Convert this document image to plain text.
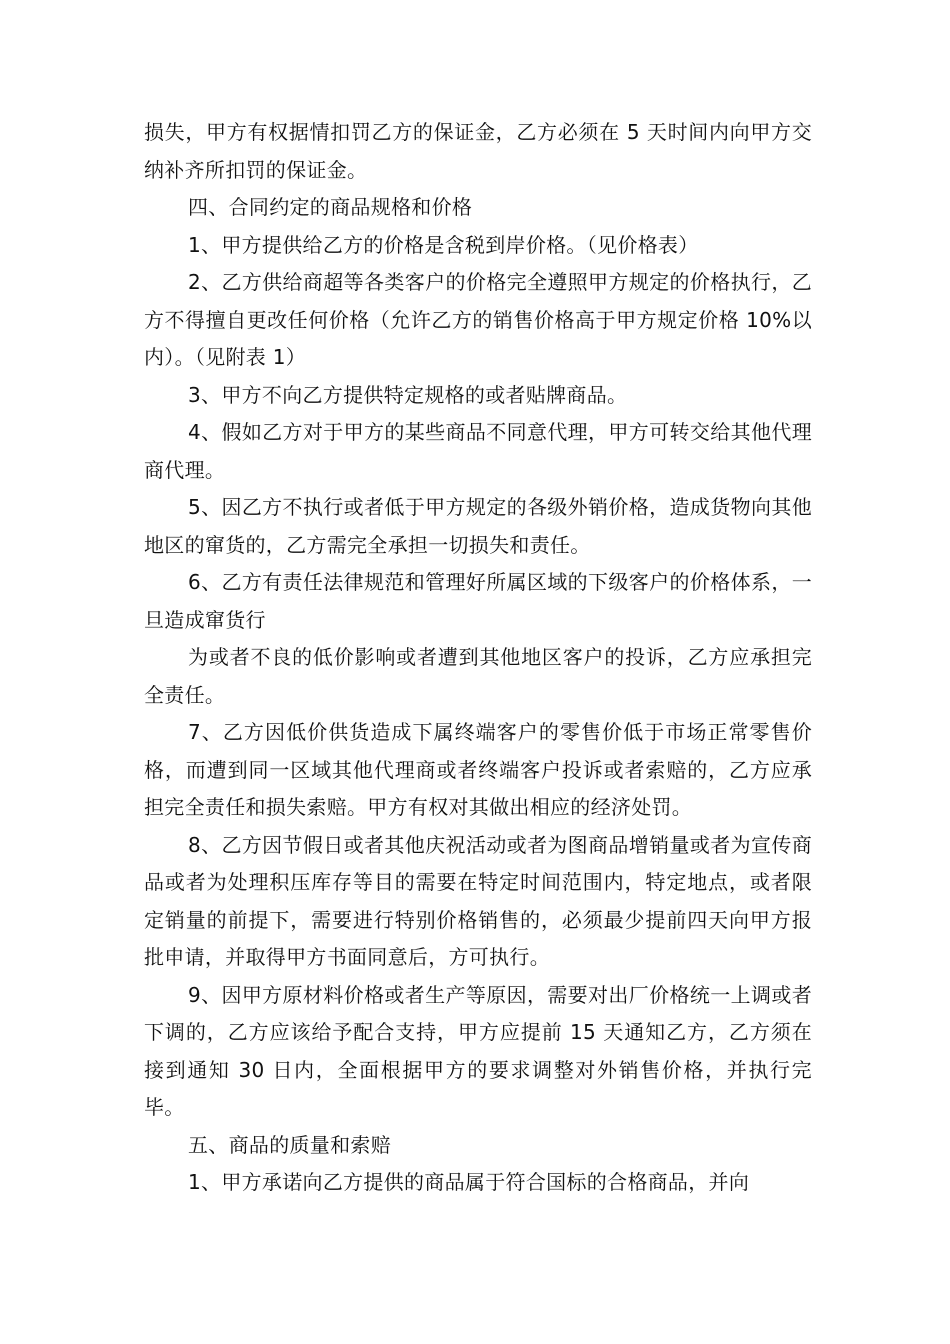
损失，甲方有权据情扣罚乙方的保证金，乙方必须在 5 天时间内向甲方交纳补齐所扣罚的保证金。

四、合同约定的商品规格和价格

1、甲方提供给乙方的价格是含税到岸价格。（见价格表）

2、乙方供给商超等各类客户的价格完全遵照甲方规定的价格执行，乙方不得擅自更改任何价格（允许乙方的销售价格高于甲方规定价格 10%以内）。（见附表 1）

3、甲方不向乙方提供特定规格的或者贴牌商品。

4、假如乙方对于甲方的某些商品不同意代理，甲方可转交给其他代理商代理。

5、因乙方不执行或者低于甲方规定的各级外销价格，造成货物向其他地区的窜货的，乙方需完全承担一切损失和责任。

6、乙方有责任法律规范和管理好所属区域的下级客户的价格体系，一旦造成窜货行

为或者不良的低价影响或者遭到其他地区客户的投诉，乙方应承担完全责任。

7、乙方因低价供货造成下属终端客户的零售价低于市场正常零售价格，而遭到同一区域其他代理商或者终端客户投诉或者索赔的，乙方应承担完全责任和损失索赔。甲方有权对其做出相应的经济处罚。

8、乙方因节假日或者其他庆祝活动或者为图商品增销量或者为宣传商品或者为处理积压库存等目的需要在特定时间范围内，特定地点，或者限定销量的前提下，需要进行特别价格销售的，必须最少提前四天向甲方报批申请，并取得甲方书面同意后，方可执行。

9、因甲方原材料价格或者生产等原因，需要对出厂价格统一上调或者下调的，乙方应该给予配合支持，甲方应提前 15 天通知乙方，乙方须在接到通知 30 日内，全面根据甲方的要求调整对外销售价格，并执行完毕。

五、商品的质量和索赔

1、甲方承诺向乙方提供的商品属于符合国标的合格商品，并向
